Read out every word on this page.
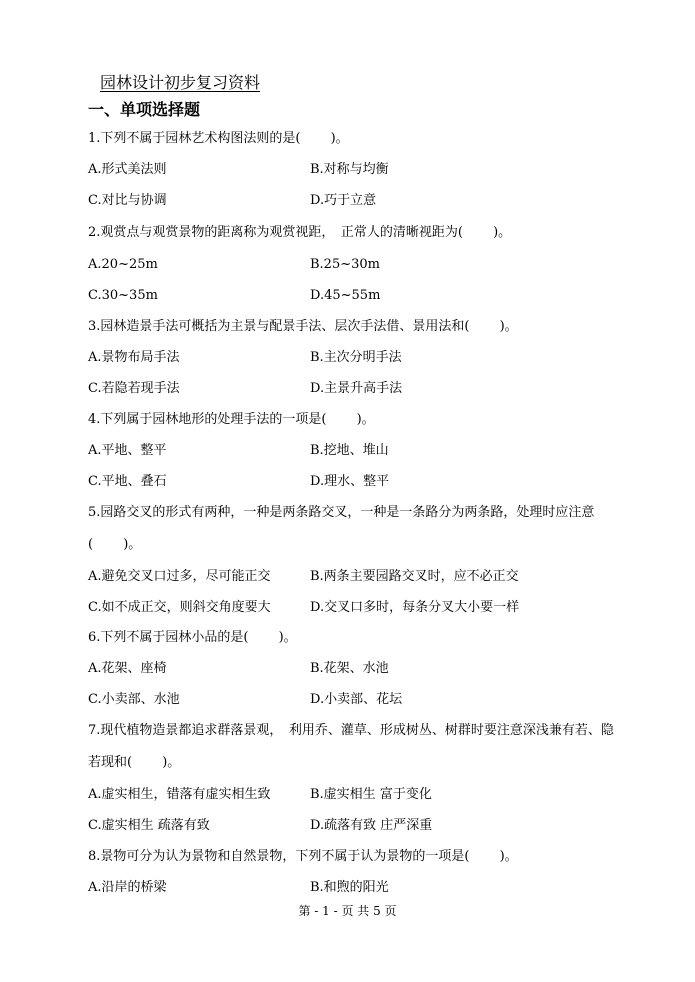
园林设计初步复习资料
一、单项选择题
1.下列不属于园林艺术构图法则的是(　　 )。
A.形式美法则	B.对称与均衡
C.对比与协调	D.巧于立意
2.观赏点与观赏景物的距离称为观赏视距，　正常人的清晰视距为(　　 )。
A.20~25m	B.25~30m
C.30~35m	D.45~55m
3.园林造景手法可概括为主景与配景手法、层次手法借、景用法和(　　 )。
A.景物布局手法	B.主次分明手法
C.若隐若现手法	D.主景升高手法
4.下列属于园林地形的处理手法的一项是(　　 )。
A.平地、整平	B.挖地、堆山
C.平地、叠石	D.理水、整平
5.园路交叉的形式有两种，一种是两条路交叉，一种是一条路分为两条路，处理时应注意
(　　 )。
A.避免交叉口过多，尽可能正交	B.两条主要园路交叉时，应不必正交
C.如不成正交，则斜交角度要大	D.交叉口多时，每条分叉大小要一样
6.下列不属于园林小品的是(　　 )。
A.花架、座椅	B.花架、水池
C.小卖部、水池	D.小卖部、花坛
7.现代植物造景都追求群落景观，　利用乔、灌草、形成树丛、树群时要注意深浅兼有若、隐
若现和(　　 )。
A.虚实相生，错落有虚实相生致	B.虚实相生 富于变化
C.虚实相生 疏落有致	D.疏落有致 庄严深重
8.景物可分为认为景物和自然景物，下列不属于认为景物的一项是(　　 )。
A.沿岸的桥梁	B.和煦的阳光
第 - 1 - 页 共 5 页
